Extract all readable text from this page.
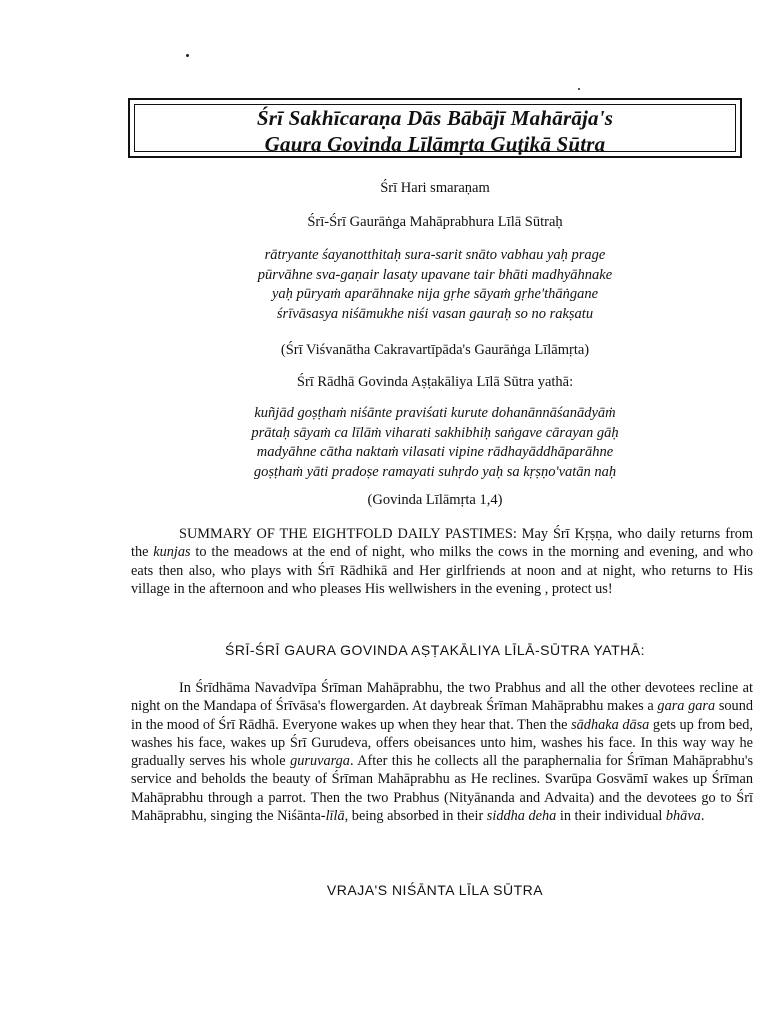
Śrī Sakhīcaraṇa Dās Bābājī Mahārāja's
Gaura Govinda Līlāmṛta Guṭikā Sūtra
Śrī Hari smaraṇam
Śrī-Śrī Gaurāṅga Mahāprabhura Līlā Sūtraḥ
rātryante śayanotthitaḥ sura-sarit snāto vabhau yaḥ prage
pūrvāhne sva-gaṇair lasaty upavane tair bhāti madhyāhnake
yaḥ pūryaṁ aparāhnake nija gṛhe sāyaṁ gṛhe'thāṅgane
śrīvāsasya niśāmukhe niśi vasan gauraḥ so no rakṣatu
(Śrī Viśvanātha Cakravartīpāda's Gaurāṅga Līlāmṛta)
Śrī Rādhā Govinda Aṣṭakāliya Līlā Sūtra yathā:
kuñjād goṣṭhaṁ niśānte praviśati kurute dohanānnāśanādyāṁ
prātaḥ sāyaṁ ca līlāṁ viharati sakhibhiḥ saṅgave cārayan gāḥ
madyāhne cātha naktaṁ vilasati vipine rādhayāddhāparāhne
goṣṭhaṁ yāti pradoṣe ramayati suhṛdo yaḥ sa kṛṣṇo'vatān naḥ
(Govinda Līlāmṛta 1,4)
SUMMARY OF THE EIGHTFOLD DAILY PASTIMES: May Śrī Kṛṣṇa, who daily returns from the kunjas to the meadows at the end of night, who milks the cows in the morning and evening, and who eats then also, who plays with Śrī Rādhikā and Her girlfriends at noon and at night, who returns to His village in the afternoon and who pleases His wellwishers in the evening , protect us!
ŚRĪ-ŚRĪ GAURA GOVINDA AṢṬAKĀLIYA LĪLĀ-SŪTRA YATHĀ:
In Śrīdhāma Navadvīpa Śrīman Mahāprabhu, the two Prabhus and all the other devotees recline at night on the Mandapa of Śrīvāsa's flowergarden. At daybreak Śrīman Mahāprabhu makes a gara gara sound in the mood of Śrī Rādhā. Everyone wakes up when they hear that. Then the sādhaka dāsa gets up from bed, washes his face, wakes up Śrī Gurudeva, offers obeisances unto him, washes his face. In this way way he gradually serves his whole guruvarga. After this he collects all the paraphernalia for Śrīman Mahāprabhu's service and beholds the beauty of Śrīman Mahāprabhu as He reclines. Svarūpa Gosvāmī wakes up Śrīman Mahāprabhu through a parrot. Then the two Prabhus (Nityānanda and Advaita) and the devotees go to Śrī Mahāprabhu, singing the Niśānta-līlā, being absorbed in their siddha deha in their individual bhāva.
VRAJA'S NIŚĀNTA LĪLA SŪTRA
